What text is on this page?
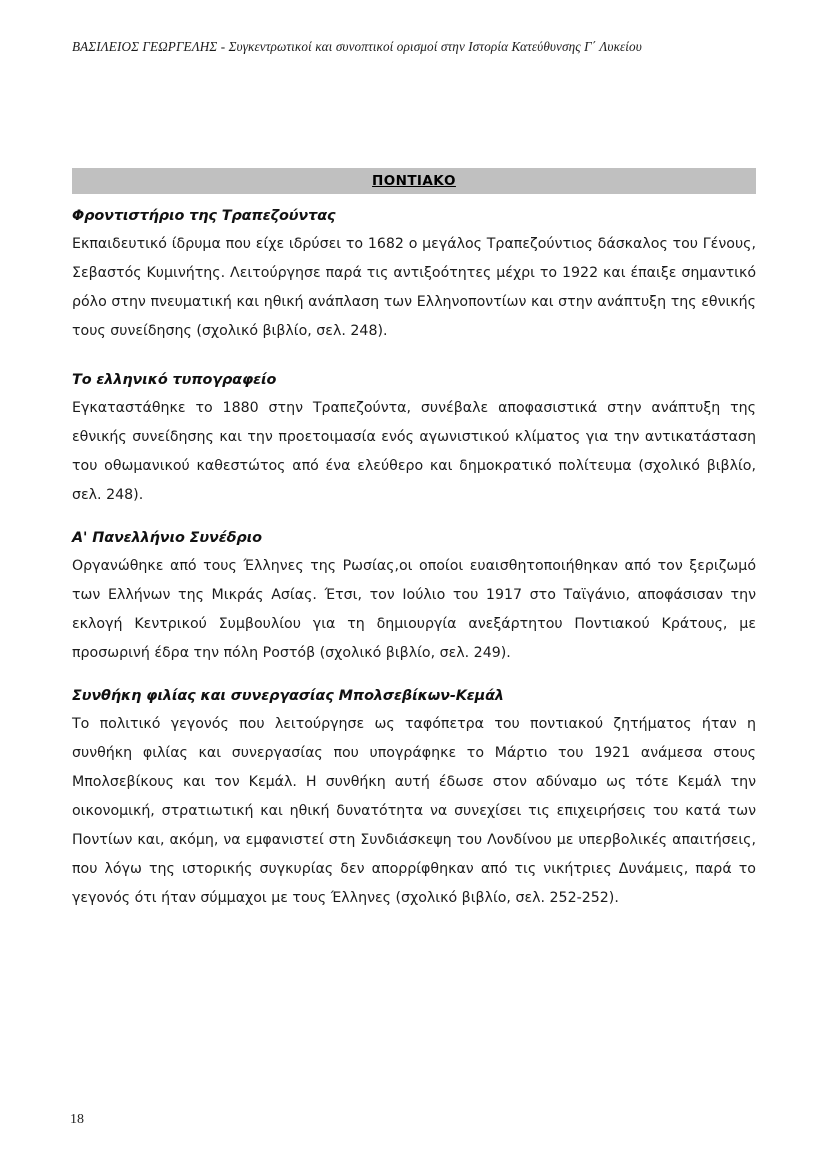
ΒΑΣΙΛΕΙΟΣ ΓΕΩΡΓΕΛΗΣ - Συγκεντρωτικοί και συνοπτικοί ορισμοί στην Ιστορία Κατεύθυνσης Γ΄ Λυκείου
ΠΟΝΤΙΑΚΟ
Φροντιστήριο της Τραπεζούντας

Εκπαιδευτικό ίδρυμα που είχε ιδρύσει το 1682 ο μεγάλος Τραπεζούντιος δάσκαλος του Γένους, Σεβαστός Κυμινήτης. Λειτούργησε παρά τις αντιξοότητες μέχρι το 1922 και έπαιξε σημαντικό ρόλο στην πνευματική και ηθική ανάπλαση των Ελληνοποντίων και στην ανάπτυξη της εθνικής τους συνείδησης (σχολικό βιβλίο, σελ. 248).

Το ελληνικό τυπογραφείο

Εγκαταστάθηκε το 1880 στην Τραπεζούντα, συνέβαλε αποφασιστικά στην ανάπτυξη της εθνικής συνείδησης και την προετοιμασία ενός αγωνιστικού κλίματος για την αντικατάσταση του οθωμανικού καθεστώτος από ένα ελεύθερο και δημοκρατικό πολίτευμα (σχολικό βιβλίο, σελ. 248).

Α' Πανελλήνιο Συνέδριο

Οργανώθηκε από τους Έλληνες της Ρωσίας,οι οποίοι ευαισθητοποιήθηκαν από τον ξεριζωμό των Ελλήνων της Μικράς Ασίας. Έτσι, τον Ιούλιο του 1917 στο Ταϊγάνιο, αποφάσισαν την εκλογή Κεντρικού Συμβουλίου για τη δημιουργία ανεξάρτητου Ποντιακού Κράτους, με προσωρινή έδρα την πόλη Ροστόβ (σχολικό βιβλίο, σελ. 249).

Συνθήκη φιλίας και συνεργασίας Μπολσεβίκων-Κεμάλ

Το πολιτικό γεγονός που λειτούργησε ως ταφόπετρα του ποντιακού ζητήματος ήταν η συνθήκη φιλίας και συνεργασίας που υπογράφηκε το Μάρτιο του 1921 ανάμεσα στους Μπολσεβίκους και τον Κεμάλ. Η συνθήκη αυτή έδωσε στον αδύναμο ως τότε Κεμάλ την οικονομική, στρατιωτική και ηθική δυνατότητα να συνεχίσει τις επιχειρήσεις του κατά των Ποντίων και, ακόμη, να εμφανιστεί στη Συνδιάσκεψη του Λονδίνου με υπερβολικές απαιτήσεις, που λόγω της ιστορικής συγκυρίας δεν απορρίφθηκαν από τις νικήτριες Δυνάμεις, παρά το γεγονός ότι ήταν σύμμαχοι με τους Έλληνες (σχολικό βιβλίο, σελ. 252-252).

18
